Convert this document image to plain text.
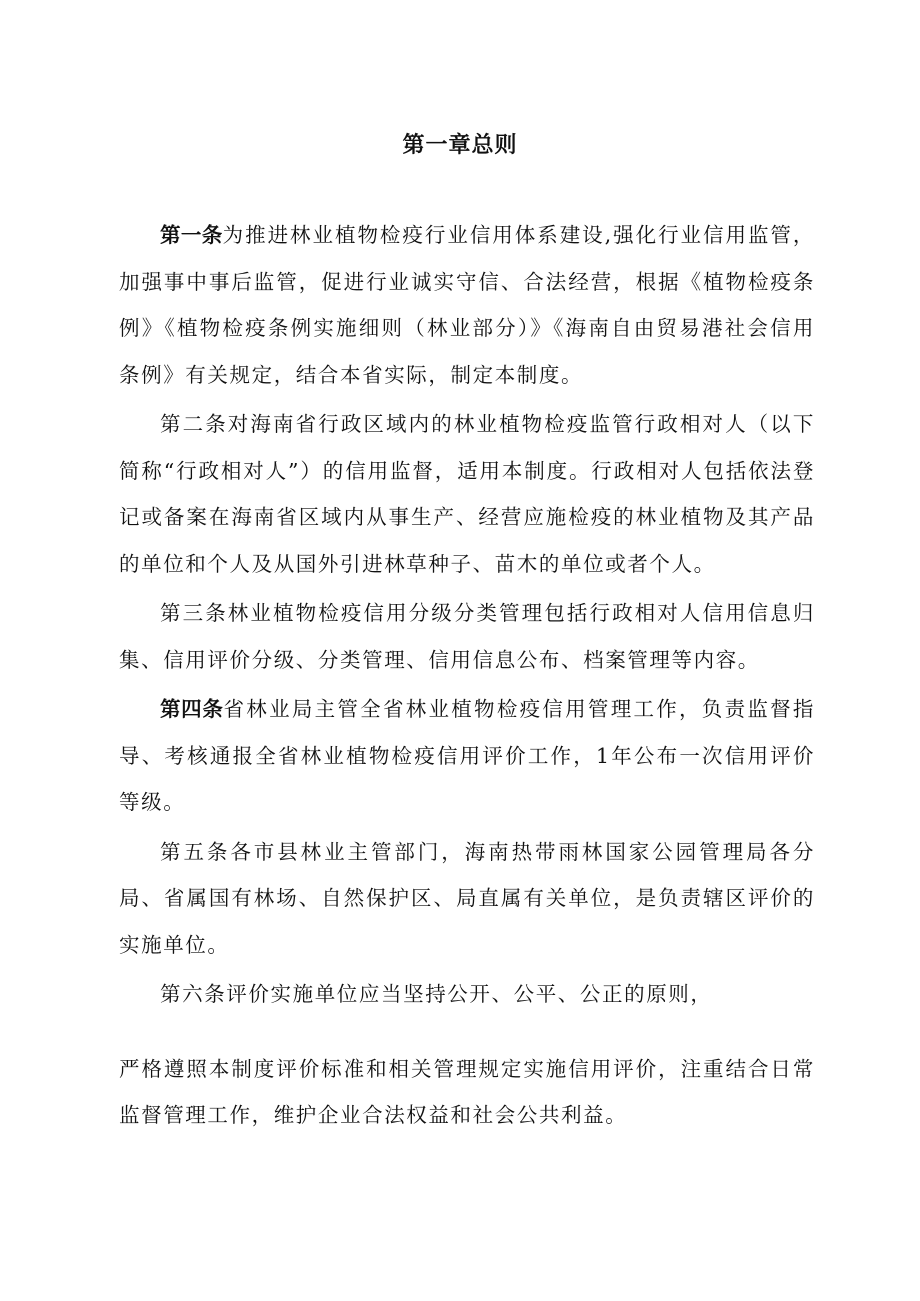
第一章总则

第一条为推进林业植物检疫行业信用体系建设,强化行业信用监管，加强事中事后监管，促进行业诚实守信、合法经营，根据《植物检疫条例》《植物检疫条例实施细则（林业部分）》《海南自由贸易港社会信用条例》有关规定，结合本省实际，制定本制度。

第二条对海南省行政区域内的林业植物检疫监管行政相对人（以下简称“行政相对人”）的信用监督，适用本制度。行政相对人包括依法登记或备案在海南省区域内从事生产、经营应施检疫的林业植物及其产品的单位和个人及从国外引进林草种子、苗木的单位或者个人。

第三条林业植物检疫信用分级分类管理包括行政相对人信用信息归集、信用评价分级、分类管理、信用信息公布、档案管理等内容。

第四条省林业局主管全省林业植物检疫信用管理工作，负责监督指导、考核通报全省林业植物检疫信用评价工作，1年公布一次信用评价等级。

第五条各市县林业主管部门，海南热带雨林国家公园管理局各分局、省属国有林场、自然保护区、局直属有关单位，是负责辖区评价的实施单位。

第六条评价实施单位应当坚持公开、公平、公正的原则，

严格遵照本制度评价标准和相关管理规定实施信用评价，注重结合日常监督管理工作，维护企业合法权益和社会公共利益。
